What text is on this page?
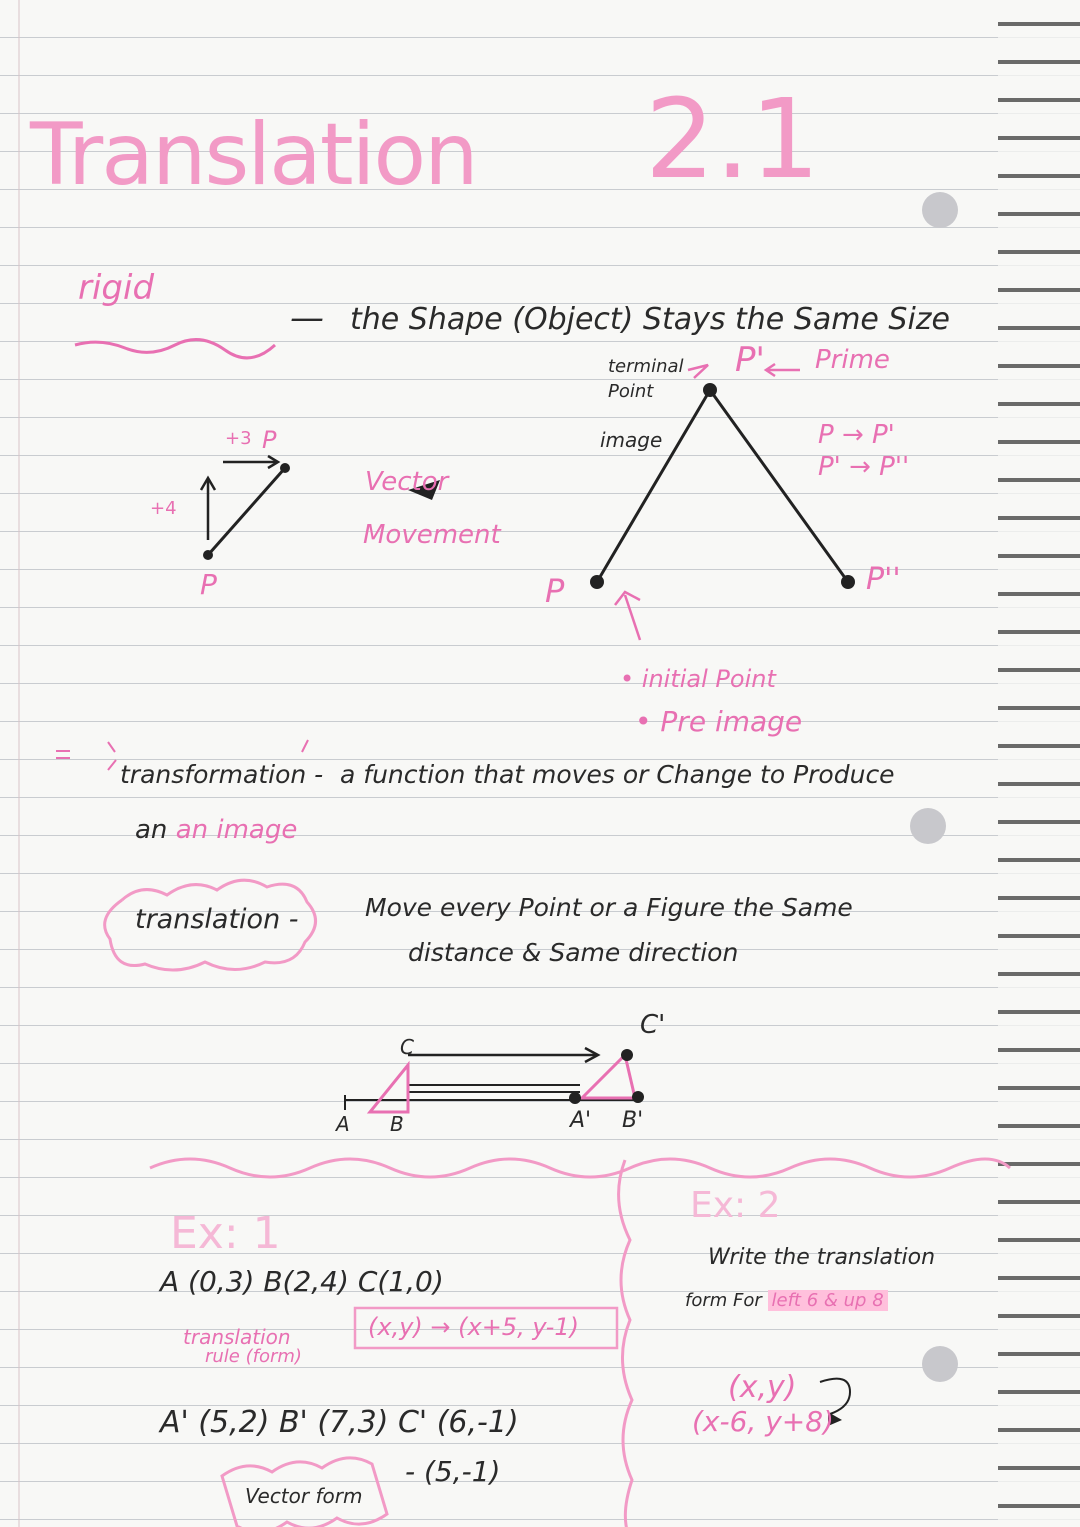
Translation 2.1
rigid
— the Shape (Object) Stays the Same Size
+3
+4
P
P
Vector
Movement
terminal
Point
image
P' Prime
P → P'
P' → P''
P	P''
• initial Point
• Pre image
transformation - a function that moves or Change to Produce
an an image
translation -	Move every Point or a Figure the Same
distance & Same direction
A B
C
A' B'
C'
Ex: 1
A (0,3) B(2,4) C(1,0)
translation
rule (form)
(x,y) → (x+5, y-1)
A' (5,2) B' (7,3) C' (6,-1)
Vector form
- (5,-1)
Ex: 2
Write the translation
form For left 6 & up 8
(x,y)
(x-6, y+8)
